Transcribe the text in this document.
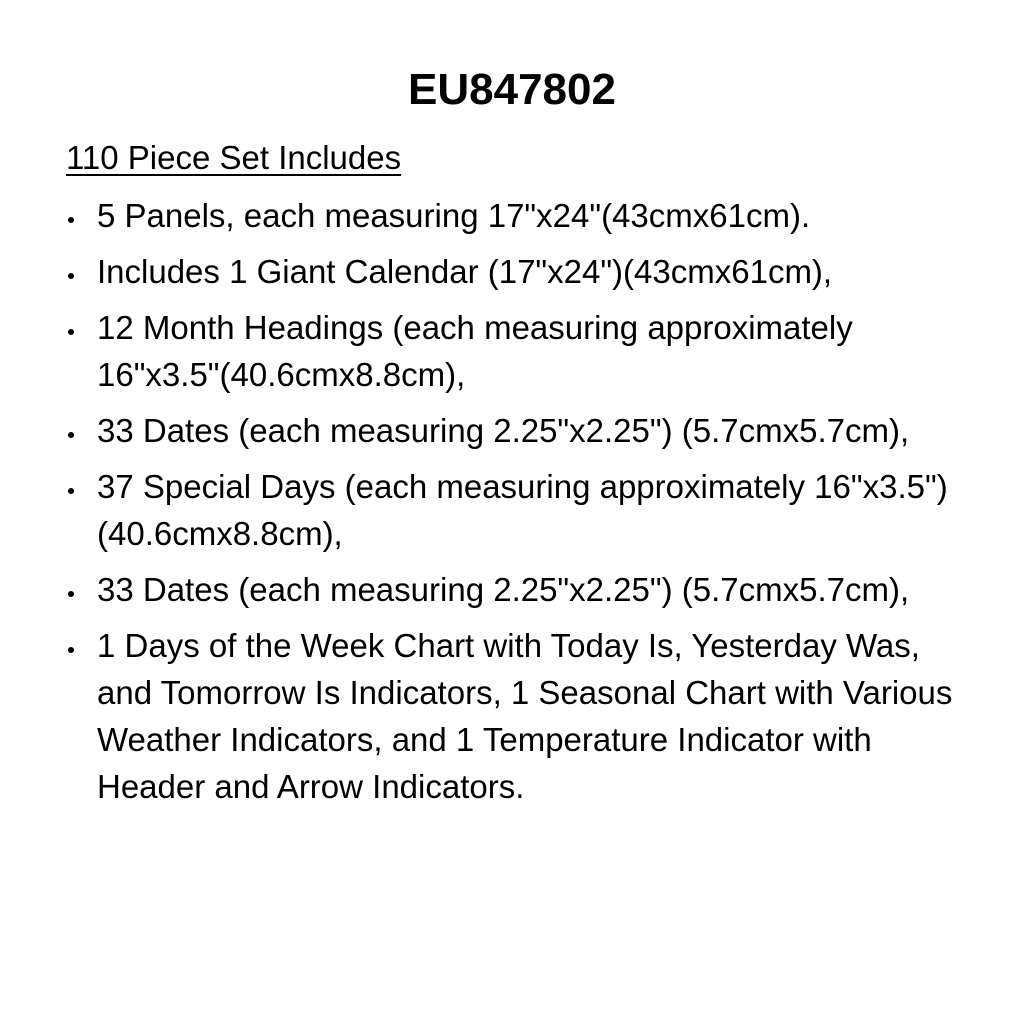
EU847802

110 Piece Set Includes

5 Panels, each measuring 17"x24"(43cmx61cm).
Includes 1 Giant Calendar (17"x24")(43cmx61cm),
12 Month Headings (each measuring approximately 16"x3.5"(40.6cmx8.8cm),
33 Dates (each measuring 2.25"x2.25") (5.7cmx5.7cm),
37 Special Days (each measuring approximately 16"x3.5")(40.6cmx8.8cm),
33 Dates (each measuring 2.25"x2.25") (5.7cmx5.7cm),
1 Days of the Week Chart with Today Is, Yesterday Was, and Tomorrow Is Indicators, 1 Seasonal Chart with Various Weather Indicators, and 1 Temperature Indicator with Header and Arrow Indicators.
